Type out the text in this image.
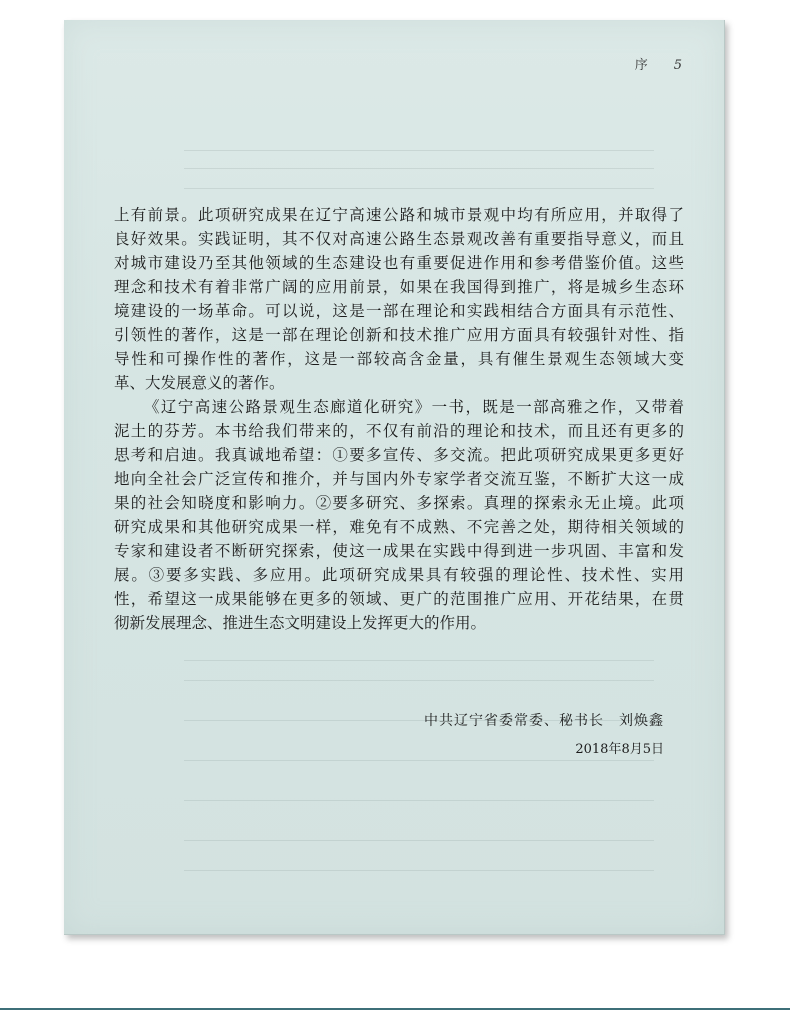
序 5
上有前景。此项研究成果在辽宁高速公路和城市景观中均有所应用，并取得了
良好效果。实践证明，其不仅对高速公路生态景观改善有重要指导意义，而且
对城市建设乃至其他领域的生态建设也有重要促进作用和参考借鉴价值。这些
理念和技术有着非常广阔的应用前景，如果在我国得到推广，将是城乡生态环
境建设的一场革命。可以说，这是一部在理论和实践相结合方面具有示范性、
引领性的著作，这是一部在理论创新和技术推广应用方面具有较强针对性、指
导性和可操作性的著作，这是一部较高含金量，具有催生景观生态领域大变
革、大发展意义的著作。
《辽宁高速公路景观生态廊道化研究》一书，既是一部高雅之作，又带着
泥土的芬芳。本书给我们带来的，不仅有前沿的理论和技术，而且还有更多的
思考和启迪。我真诚地希望：①要多宣传、多交流。把此项研究成果更多更好
地向全社会广泛宣传和推介，并与国内外专家学者交流互鉴，不断扩大这一成
果的社会知晓度和影响力。②要多研究、多探索。真理的探索永无止境。此项
研究成果和其他研究成果一样，难免有不成熟、不完善之处，期待相关领域的
专家和建设者不断研究探索，使这一成果在实践中得到进一步巩固、丰富和发
展。③要多实践、多应用。此项研究成果具有较强的理论性、技术性、实用
性，希望这一成果能够在更多的领域、更广的范围推广应用、开花结果，在贯
彻新发展理念、推进生态文明建设上发挥更大的作用。
中共辽宁省委常委、秘书长　刘焕鑫
2018年8月5日
